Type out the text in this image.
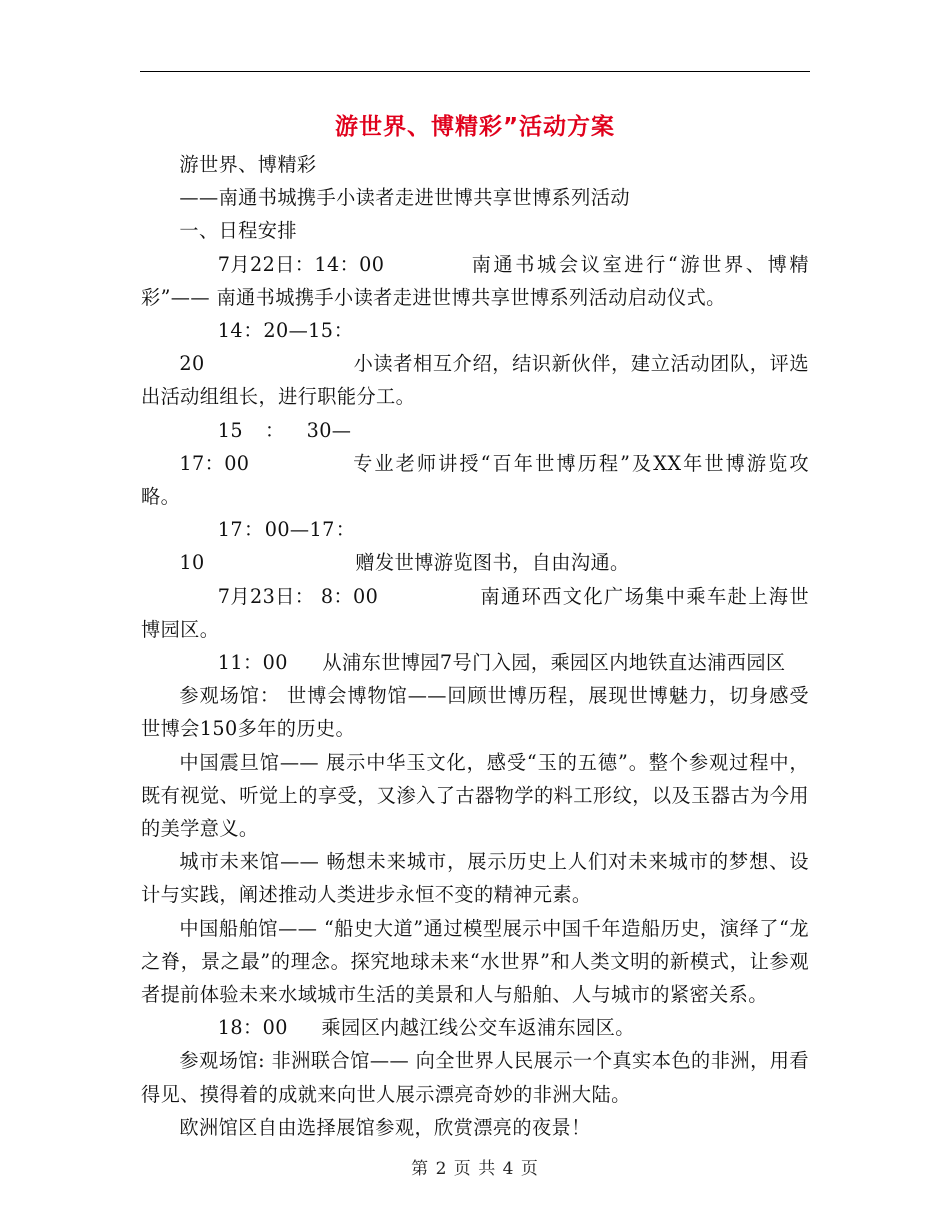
游世界、博精彩”活动方案

游世界、博精彩

——南通书城携手小读者走进世博共享世博系列活动

一、日程安排

7月22日：14：00	南通书城会议室进行“游世界、博精彩”—— 南通书城携手小读者走进世博共享世博系列活动启动仪式。

14：20—15：20	小读者相互介绍，结识新伙伴，建立活动团队，评选出活动组组长，进行职能分工。

15：30—17：00	专业老师讲授“百年世博历程”及XX年世博游览攻略。

17：00—17：10	赠发世博游览图书，自由沟通。

7月23日： 8：00	南通环西文化广场集中乘车赴上海世博园区。

11：00 从浦东世博园7号门入园，乘园区内地铁直达浦西园区

参观场馆： 世博会博物馆——回顾世博历程，展现世博魅力，切身感受世博会150多年的历史。

中国震旦馆—— 展示中华玉文化，感受“玉的五德”。整个参观过程中，既有视觉、听觉上的享受，又渗入了古器物学的料工形纹，以及玉器古为今用的美学意义。

城市未来馆—— 畅想未来城市，展示历史上人们对未来城市的梦想、设计与实践，阐述推动人类进步永恒不变的精神元素。

中国船舶馆—— “船史大道”通过模型展示中国千年造船历史，演绎了“龙之脊，景之最”的理念。探究地球未来“水世界”和人类文明的新模式，让参观者提前体验未来水域城市生活的美景和人与船舶、人与城市的紧密关系。

18：00 乘园区内越江线公交车返浦东园区。

参观场馆: 非洲联合馆—— 向全世界人民展示一个真实本色的非洲，用看得见、摸得着的成就来向世人展示漂亮奇妙的非洲大陆。

欧洲馆区自由选择展馆参观，欣赏漂亮的夜景！

第 2 页 共 4 页
